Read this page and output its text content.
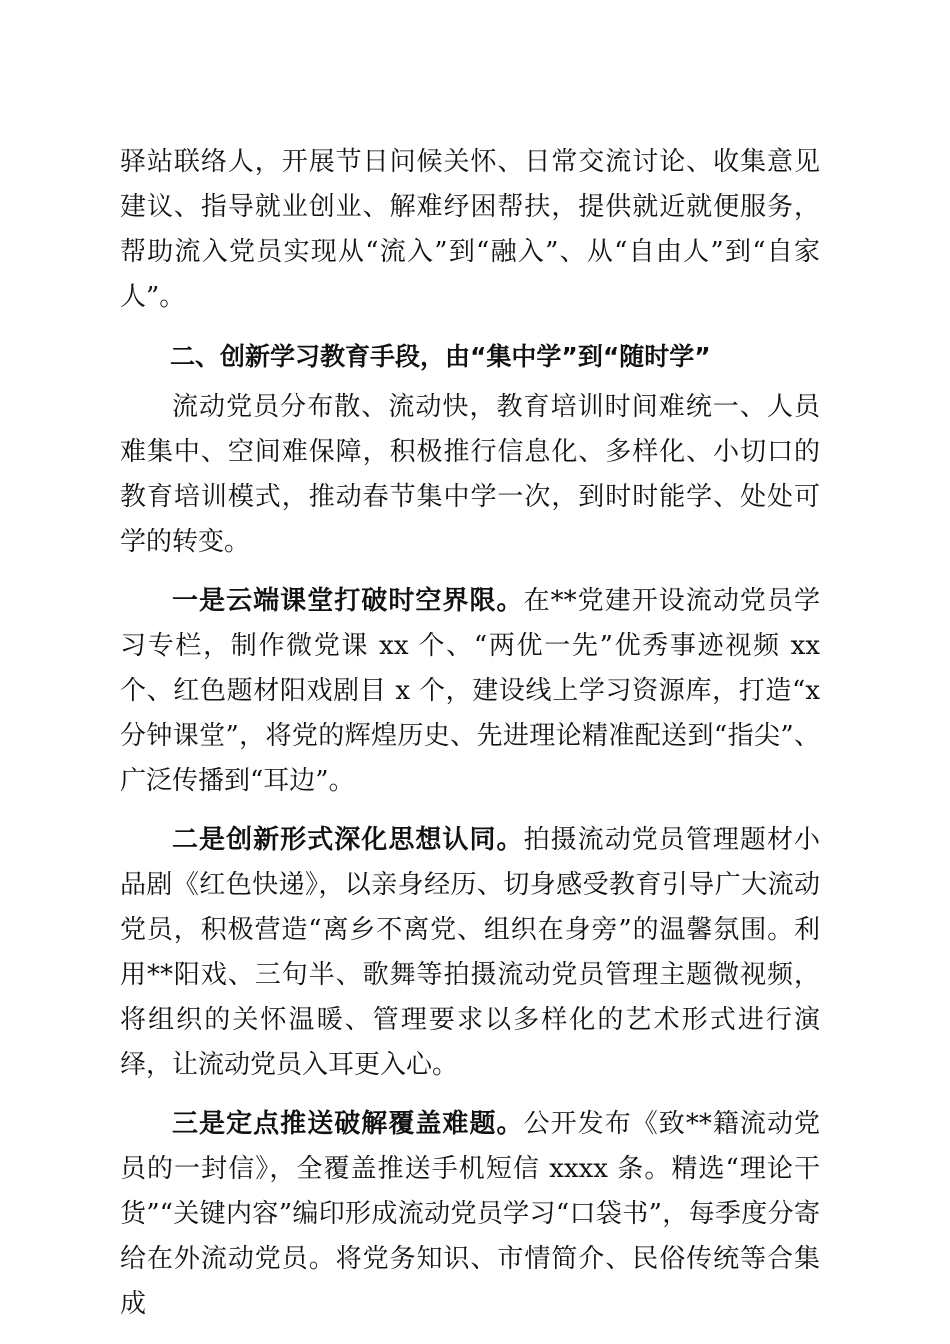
驿站联络人，开展节日问候关怀、日常交流讨论、收集意见建议、指导就业创业、解难纾困帮扶，提供就近就便服务，帮助流入党员实现从“流入”到“融入”、从“自由人”到“自家人”。

二、创新学习教育手段，由“集中学”到“随时学”

流动党员分布散、流动快，教育培训时间难统一、人员难集中、空间难保障，积极推行信息化、多样化、小切口的教育培训模式，推动春节集中学一次，到时时能学、处处可学的转变。

一是云端课堂打破时空界限。在**党建开设流动党员学习专栏，制作微党课 xx 个、“两优一先”优秀事迹视频 xx 个、红色题材阳戏剧目 x 个，建设线上学习资源库，打造“x 分钟课堂”，将党的辉煌历史、先进理论精准配送到“指尖”、广泛传播到“耳边”。

二是创新形式深化思想认同。拍摄流动党员管理题材小品剧《红色快递》，以亲身经历、切身感受教育引导广大流动党员，积极营造“离乡不离党、组织在身旁”的温馨氛围。利用**阳戏、三句半、歌舞等拍摄流动党员管理主题微视频，将组织的关怀温暖、管理要求以多样化的艺术形式进行演绎，让流动党员入耳更入心。

三是定点推送破解覆盖难题。公开发布《致**籍流动党员的一封信》，全覆盖推送手机短信 xxxx 条。精选“理论干货”“关键内容”编印形成流动党员学习“口袋书”，每季度分寄给在外流动党员。将党务知识、市情简介、民俗传统等合集成
